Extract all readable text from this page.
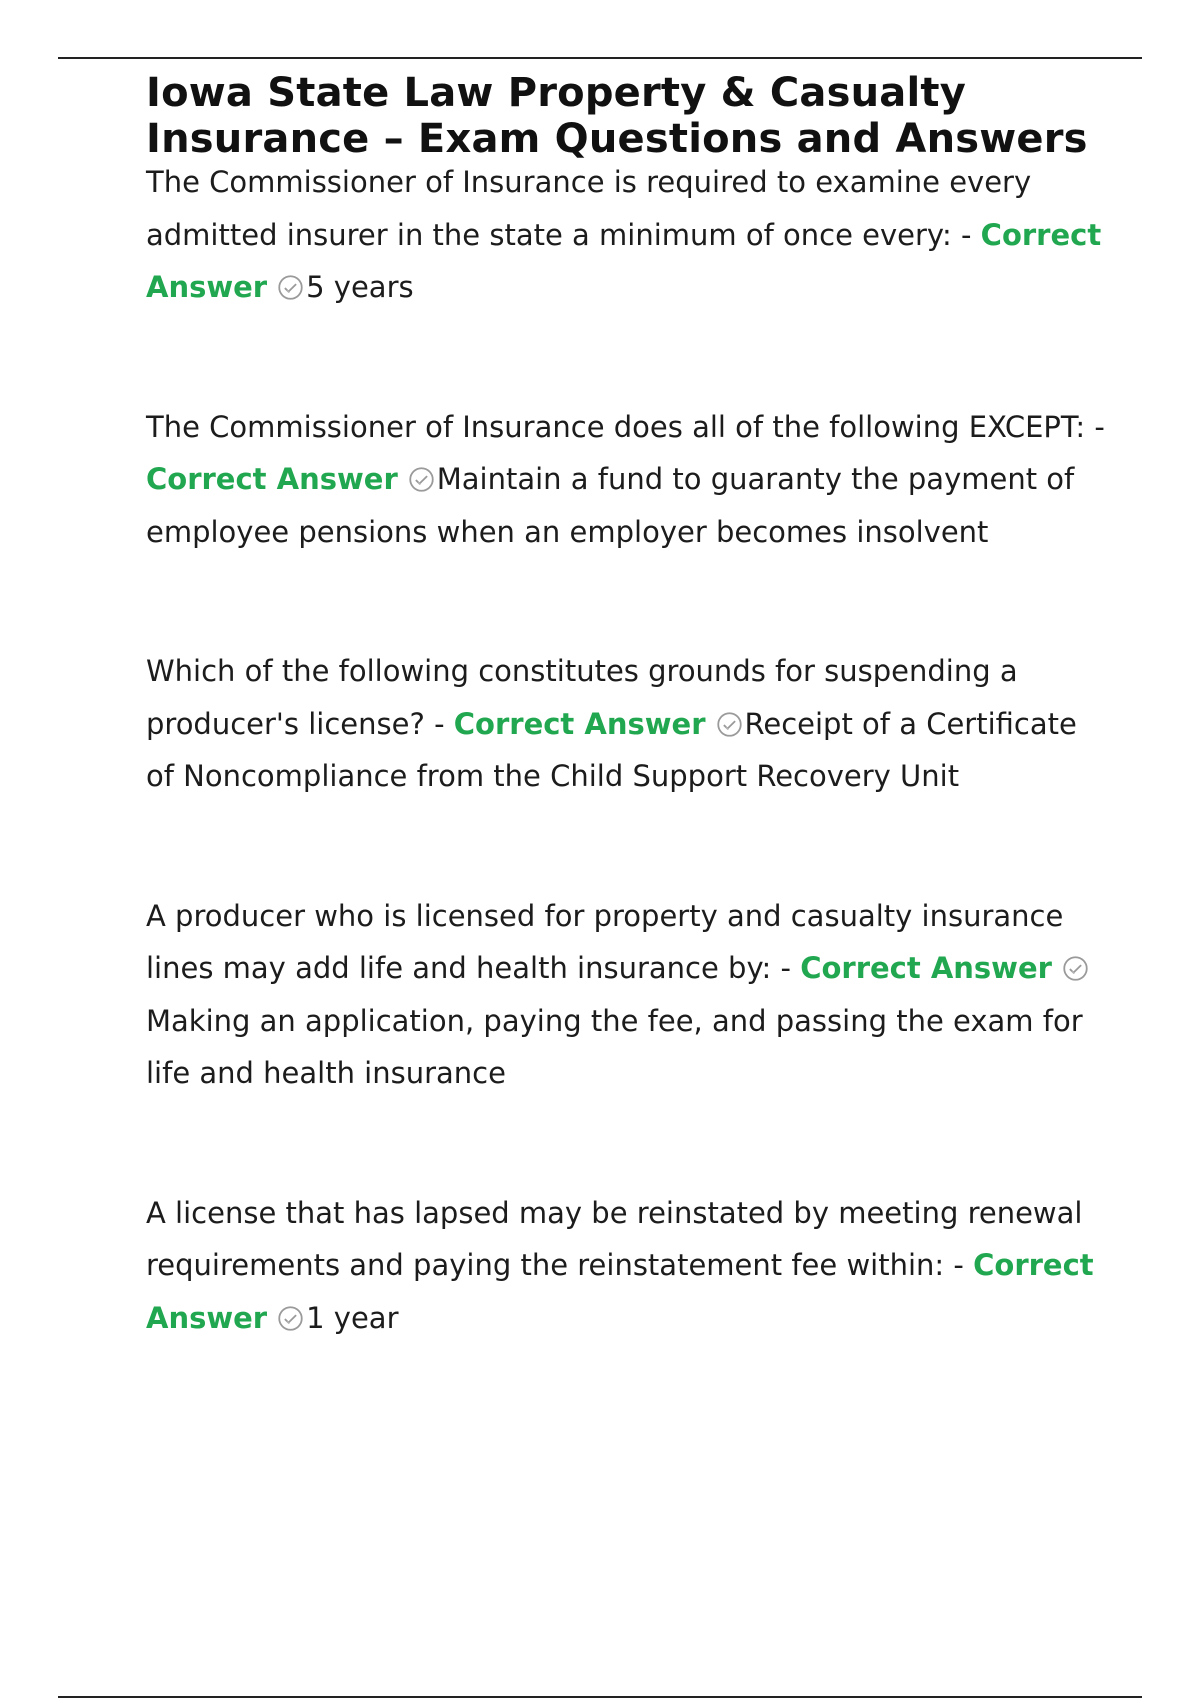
Iowa State Law Property & Casualty Insurance – Exam Questions and Answers

The Commissioner of Insurance is required to examine every admitted insurer in the state a minimum of once every: - Correct Answer 5 years

The Commissioner of Insurance does all of the following EXCEPT: - Correct Answer Maintain a fund to guaranty the payment of employee pensions when an employer becomes insolvent

Which of the following constitutes grounds for suspending a producer's license? - Correct Answer Receipt of a Certificate of Noncompliance from the Child Support Recovery Unit

A producer who is licensed for property and casualty insurance lines may add life and health insurance by: - Correct AnswerMaking an application, paying the fee, and passing the exam for life and health insurance

A license that has lapsed may be reinstated by meeting renewal requirements and paying the reinstatement fee within: - Correct Answer 1 year
